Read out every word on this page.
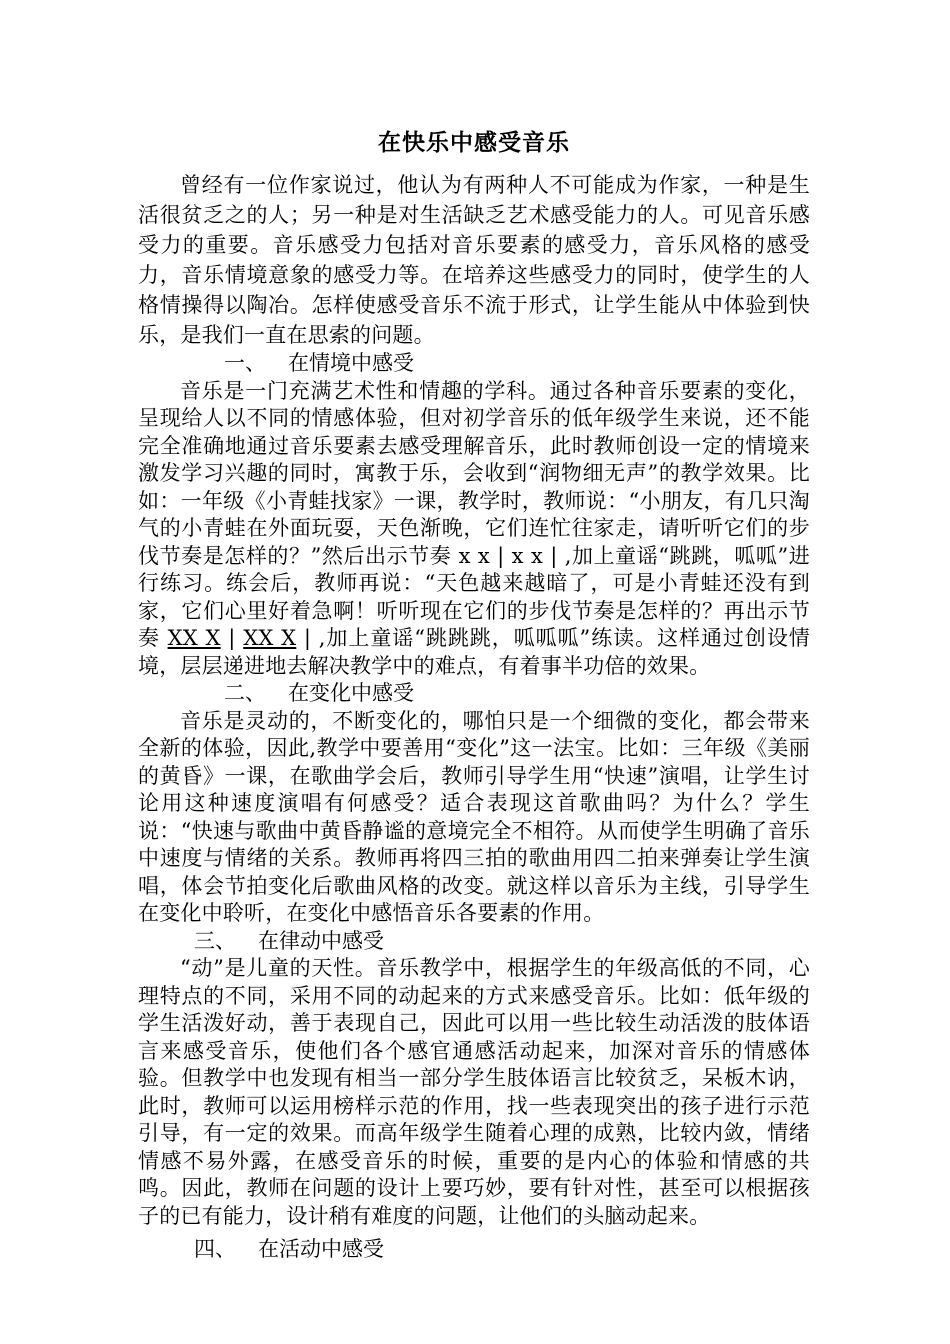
在快乐中感受音乐

曾经有一位作家说过，他认为有两种人不可能成为作家，一种是生活很贫乏之的人；另一种是对生活缺乏艺术感受能力的人。可见音乐感受力的重要。音乐感受力包括对音乐要素的感受力，音乐风格的感受力，音乐情境意象的感受力等。在培养这些感受力的同时，使学生的人格情操得以陶冶。怎样使感受音乐不流于形式，让学生能从中体验到快乐，是我们一直在思索的问题。

一、 在情境中感受

音乐是一门充满艺术性和情趣的学科。通过各种音乐要素的变化，呈现给人以不同的情感体验，但对初学音乐的低年级学生来说，还不能完全准确地通过音乐要素去感受理解音乐，此时教师创设一定的情境来激发学习兴趣的同时，寓教于乐，会收到“润物细无声”的教学效果。比如：一年级《小青蛙找家》一课，教学时，教师说：“小朋友，有几只淘气的小青蛙在外面玩耍，天色渐晚，它们连忙往家走，请听听它们的步伐节奏是怎样的？”然后出示节奏 x x | x x | ,加上童谣“跳跳，呱呱”进行练习。练会后，教师再说：“天色越来越暗了，可是小青蛙还没有到家，它们心里好着急啊！听听现在它们的步伐节奏是怎样的？再出示节奏 XX X | XX X | ,加上童谣“跳跳跳，呱呱呱”练读。这样通过创设情境，层层递进地去解决教学中的难点，有着事半功倍的效果。

二、 在变化中感受

音乐是灵动的，不断变化的，哪怕只是一个细微的变化，都会带来全新的体验，因此,教学中要善用“变化”这一法宝。比如：三年级《美丽的黄昏》一课，在歌曲学会后，教师引导学生用“快速”演唱，让学生讨论用这种速度演唱有何感受？适合表现这首歌曲吗？为什么？学生说：“快速与歌曲中黄昏静谧的意境完全不相符。从而使学生明确了音乐中速度与情绪的关系。教师再将四三拍的歌曲用四二拍来弹奏让学生演唱，体会节拍变化后歌曲风格的改变。就这样以音乐为主线，引导学生在变化中聆听，在变化中感悟音乐各要素的作用。

三、 在律动中感受

“动”是儿童的天性。音乐教学中，根据学生的年级高低的不同，心理特点的不同，采用不同的动起来的方式来感受音乐。比如：低年级的学生活泼好动，善于表现自己，因此可以用一些比较生动活泼的肢体语言来感受音乐，使他们各个感官通感活动起来，加深对音乐的情感体验。但教学中也发现有相当一部分学生肢体语言比较贫乏，呆板木讷，此时，教师可以运用榜样示范的作用，找一些表现突出的孩子进行示范引导，有一定的效果。而高年级学生随着心理的成熟，比较内敛，情绪情感不易外露，在感受音乐的时候，重要的是内心的体验和情感的共鸣。因此，教师在问题的设计上要巧妙，要有针对性，甚至可以根据孩子的已有能力，设计稍有难度的问题，让他们的头脑动起来。

四、 在活动中感受
